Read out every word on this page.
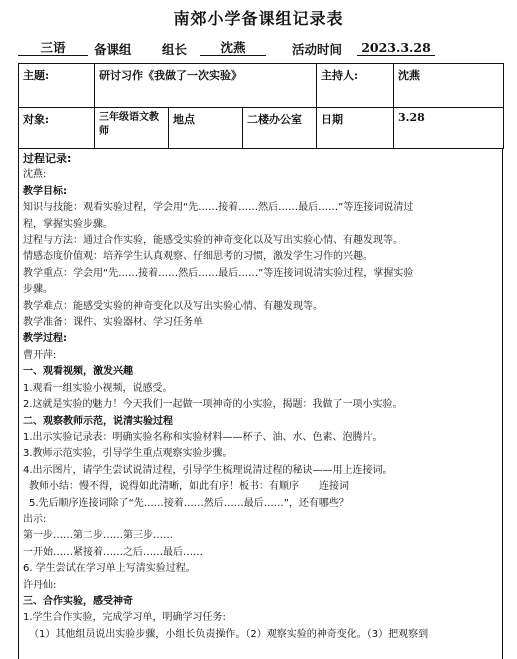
南郊小学备课组记录表
三语	备课组 组长	沈燕	活动时间	2023.3.28
主题:	研讨习作《我做了一次实验》			主持人:	沈燕
对象:	三年级语文教师	地点	二楼办公室	日期	3.28
过程记录:
沈燕:
教学目标:
知识与技能：观看实验过程，学会用“先……接着……然后……最后……”等连接词说清过
程，掌握实验步骤。
过程与方法：通过合作实验，能感受实验的神奇变化以及写出实验心情、有趣发现等。
情感态度价值观：培养学生认真观察、仔细思考的习惯，激发学生习作的兴趣。
教学重点：学会用“先……接着……然后……最后……”等连接词说清实验过程，掌握实验
步骤。
教学难点：能感受实验的神奇变化以及写出实验心情、有趣发现等。
教学准备：课件、实验器材、学习任务单
教学过程:
曹开萍:
一、观看视频，激发兴趣
1.观看一组实验小视频，说感受。
2.这就是实验的魅力！今天我们一起做一项神奇的小实验，揭题：我做了一项小实验。
二、观察教师示范，说清实验过程
1.出示实验记录表：明确实验名称和实验材料——杯子、油、水、色素、泡腾片。
3.教师示范实验，引导学生重点观察实验步骤。
4.出示图片，请学生尝试说清过程，引导学生梳理说清过程的秘诀——用上连接词。
教师小结：慢不得，说得如此清晰，如此有序！板书：有顺序　　连接词
5.先后顺序连接词除了“先……接着……然后……最后……”，还有哪些？
出示:
第一步……第二步……第三步……
一开始……紧接着……之后……最后……
6. 学生尝试在学习单上写清实验过程。
许丹仙:
三、合作实验，感受神奇
1.学生合作实验，完成学习单，明确学习任务:
（1）其他组员说出实验步骤，小组长负责操作。（2）观察实验的神奇变化。（3）把观察到
